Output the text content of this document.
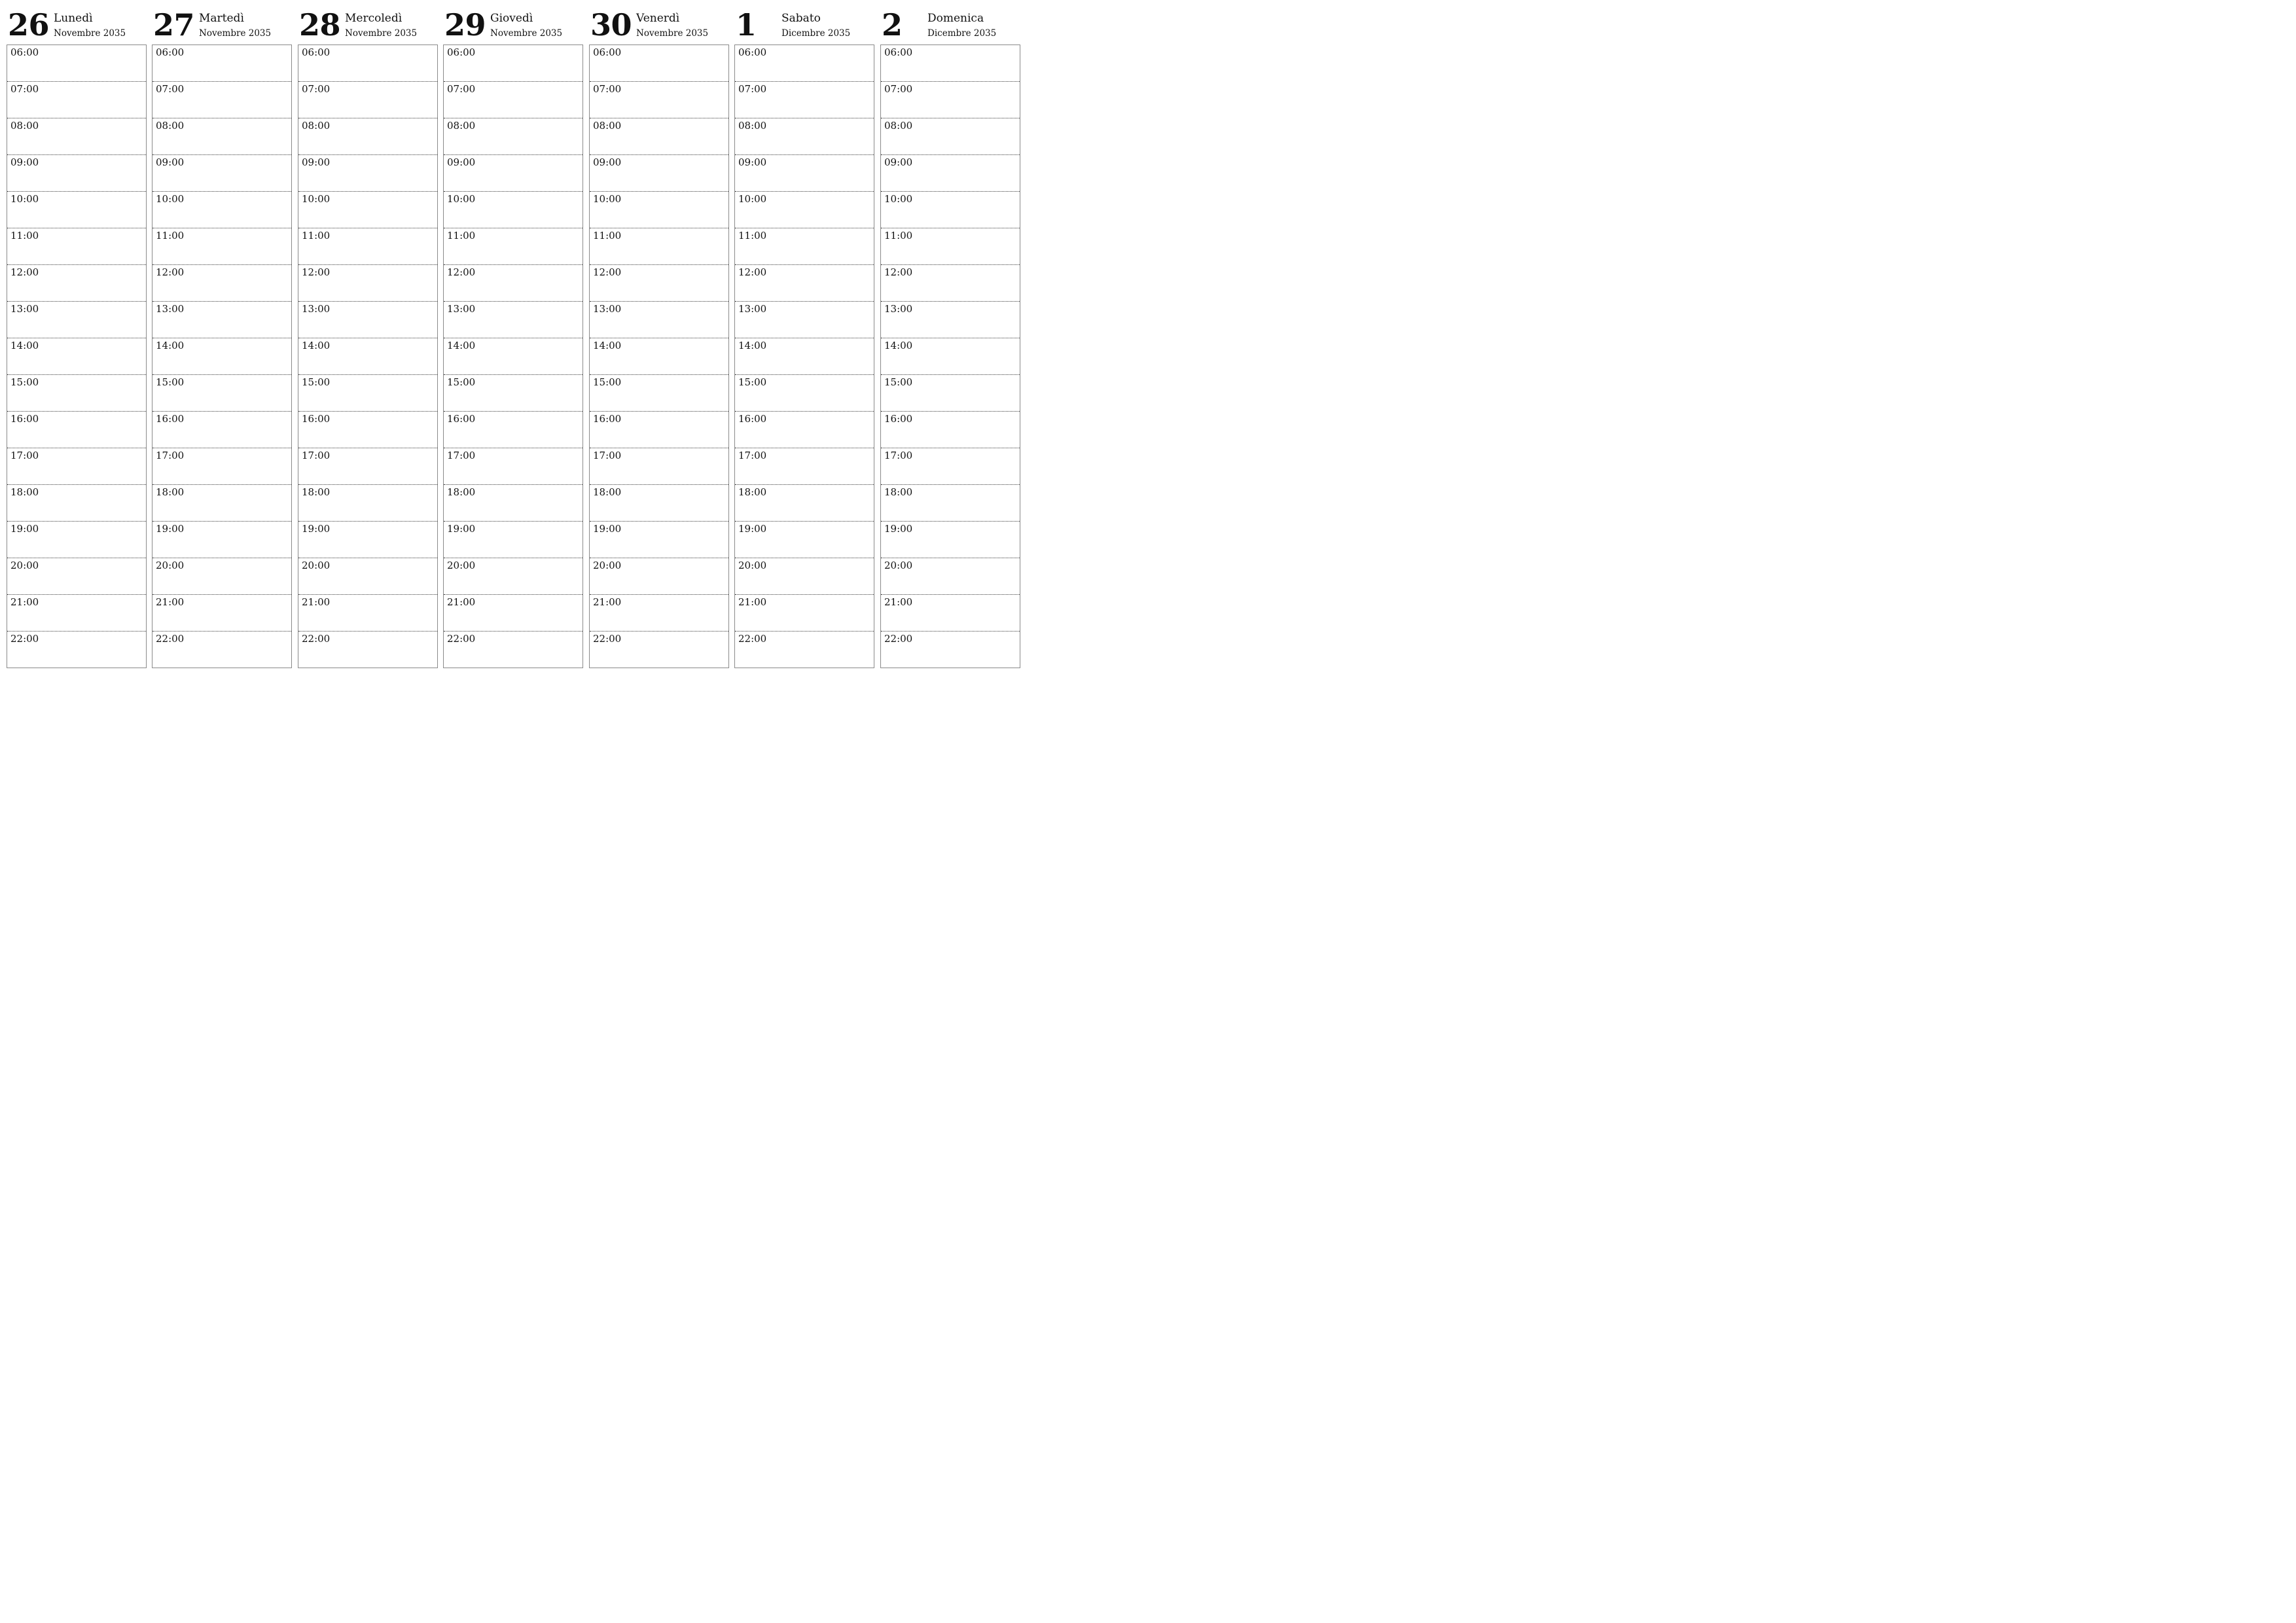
26 Lunedì
Novembre 2035
06:00
07:00
08:00
09:00
10:00
11:00
12:00
13:00
14:00
15:00
16:00
17:00
18:00
19:00
20:00
21:00
22:00
27 Martedì
Novembre 2035
06:00
07:00
08:00
09:00
10:00
11:00
12:00
13:00
14:00
15:00
16:00
17:00
18:00
19:00
20:00
21:00
22:00
28 Mercoledì
Novembre 2035
06:00
07:00
08:00
09:00
10:00
11:00
12:00
13:00
14:00
15:00
16:00
17:00
18:00
19:00
20:00
21:00
22:00
29 Giovedì
Novembre 2035
06:00
07:00
08:00
09:00
10:00
11:00
12:00
13:00
14:00
15:00
16:00
17:00
18:00
19:00
20:00
21:00
22:00
30 Venerdì
Novembre 2035
06:00
07:00
08:00
09:00
10:00
11:00
12:00
13:00
14:00
15:00
16:00
17:00
18:00
19:00
20:00
21:00
22:00
1 Sabato
Dicembre 2035
06:00
07:00
08:00
09:00
10:00
11:00
12:00
13:00
14:00
15:00
16:00
17:00
18:00
19:00
20:00
21:00
22:00
2 Domenica
Dicembre 2035
06:00
07:00
08:00
09:00
10:00
11:00
12:00
13:00
14:00
15:00
16:00
17:00
18:00
19:00
20:00
21:00
22:00
